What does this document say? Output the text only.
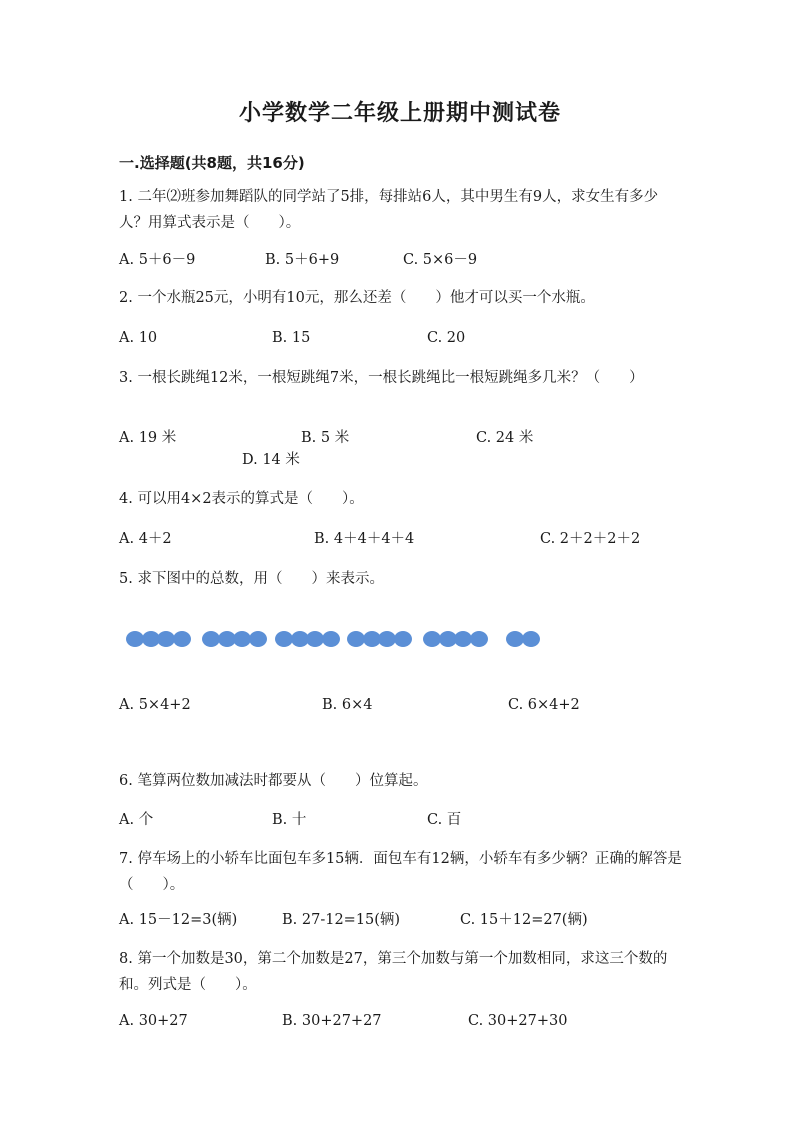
小学数学二年级上册期中测试卷
一.选择题(共8题，共16分)
1. 二年⑵班参加舞蹈队的同学站了5排，每排站6人，其中男生有9人，求女生有多少人？用算式表示是（　　）。
A. 5＋6－9	B. 5＋6+9	C. 5×6－9
2. 一个水瓶25元，小明有10元，那么还差（　　）他才可以买一个水瓶。
A. 10	B. 15	C. 20
3. 一根长跳绳12米，一根短跳绳7米，一根长跳绳比一根短跳绳多几米？（　　）
A. 19 米	B. 5 米	C. 24 米
D. 14 米
4. 可以用4×2表示的算式是（　　）。
A. 4＋2	B. 4＋4＋4＋4	C. 2＋2＋2＋2
5. 求下图中的总数，用（　　）来表示。
A. 5×4+2	B. 6×4	C. 6×4+2
6. 笔算两位数加减法时都要从（　　）位算起。
A. 个	B. 十	C. 百
7. 停车场上的小轿车比面包车多15辆．面包车有12辆，小轿车有多少辆？正确的解答是（　　）。
A. 15－12=3(辆)	B. 27-12=15(辆)	C. 15＋12=27(辆)
8. 第一个加数是30，第二个加数是27，第三个加数与第一个加数相同，求这三个数的和。列式是（　　）。
A. 30+27	B. 30+27+27	C. 30+27+30
